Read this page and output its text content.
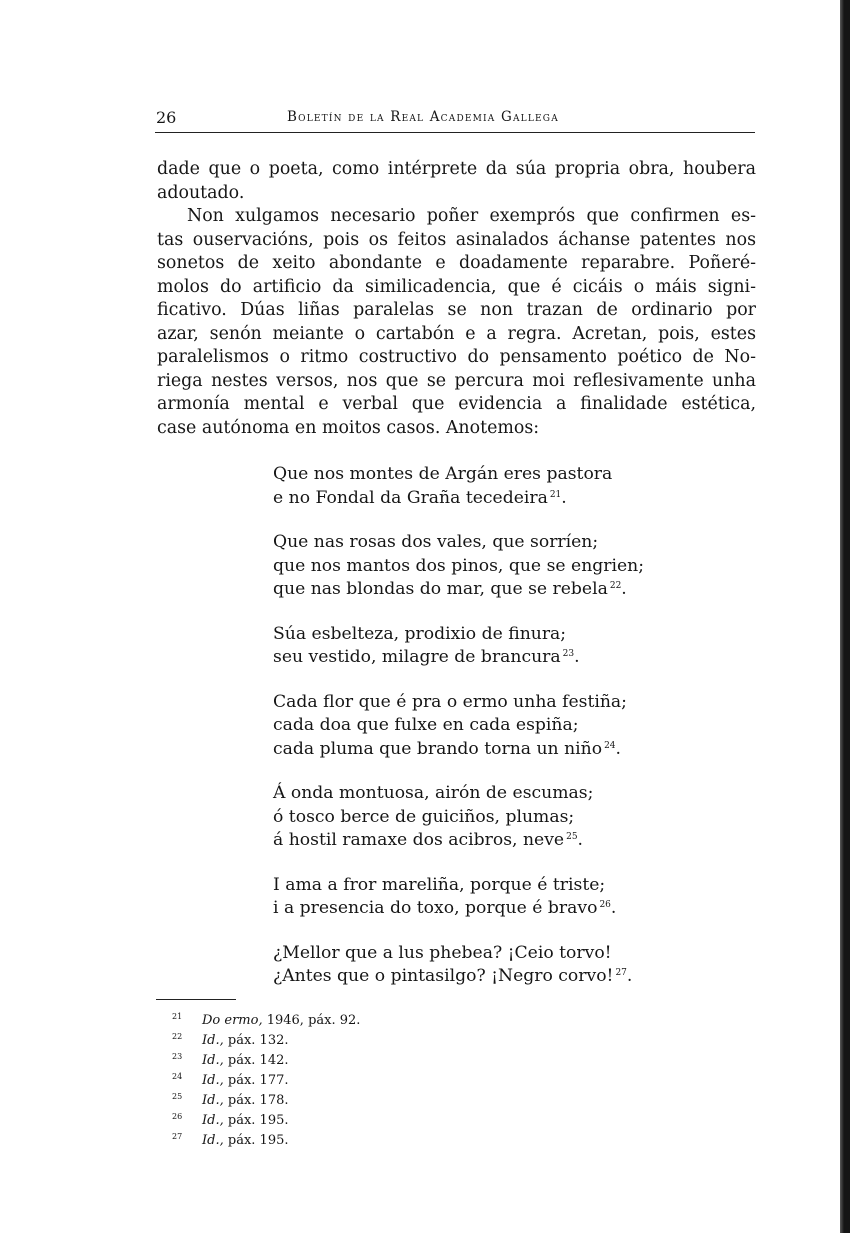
26	Boletín de la Real Academia Gallega
dade que o poeta, como intérprete da súa propria obra, houbera
adoutado.
Non xulgamos necesario poñer exemprós que confirmen es-
tas ouservacións, pois os feitos asinalados áchanse patentes nos
sonetos de xeito abondante e doadamente reparabre. Poñeré-
molos do artificio da similicadencia, que é cicáis o máis signi-
ficativo. Dúas liñas paralelas se non trazan de ordinario por
azar, senón meiante o cartabón e a regra. Acretan, pois, estes
paralelismos o ritmo costructivo do pensamento poético de No-
riega nestes versos, nos que se percura moi reflesivamente unha
armonía mental e verbal que evidencia a finalidade estética,
case autónoma en moitos casos. Anotemos:
Que nos montes de Argán eres pastora
e no Fondal da Graña tecedeira $^{21}$.
Que nas rosas dos vales, que sorríen;
que nos mantos dos pinos, que se engrien;
que nas blondas do mar, que se rebela $^{22}$.
Súa esbelteza, prodixio de finura;
seu vestido, milagre de brancura $^{23}$.
Cada flor que é pra o ermo unha festiña;
cada doa que fulxe en cada espiña;
cada pluma que brando torna un niño $^{24}$.
Á onda montuosa, airón de escumas;
ó tosco berce de guiciños, plumas;
á hostil ramaxe dos acibros, neve $^{25}$.
I ama a fror mareliña, porque é triste;
i a presencia do toxo, porque é bravo $^{26}$.
¿Mellor que a lus phebea? ¡Ceio torvo!
¿Antes que o pintasilgo? ¡Negro corvo! $^{27}$.
21 Do ermo, 1946, páx. 92.
22 Id., páx. 132.
23 Id., páx. 142.
24 Id., páx. 177.
25 Id., páx. 178.
26 Id., páx. 195.
27 Id., páx. 195.
